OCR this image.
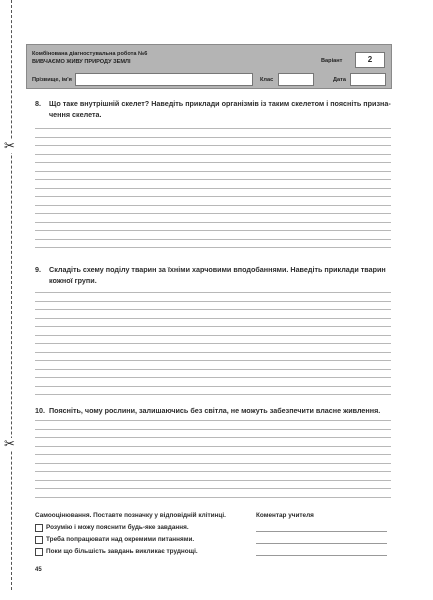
✂
✂
Комбінована діагностувальна робота №6
ВИВЧАЄМО ЖИВУ ПРИРОДУ ЗЕМЛІ	Варіант	2
Прізвище, ім'я	Клас	Дата
8. Що таке внутрішній скелет? Наведіть приклади організмів із таким скелетом і поясніть призна-чення скелета.
9. Складіть схему поділу тварин за їхніми харчовими вподобаннями. Наведіть приклади тварин кожної групи.
10. Поясніть, чому рослини, залишаючись без світла, не можуть забезпечити власне живлення.
Самооцінювання. Поставте позначку у відповідній клітинці.
Розумію і можу пояснити будь-яке завдання.
Треба попрацювати над окремими питаннями.
Поки що більшість завдань викликає труднощі.
Коментар учителя
45
